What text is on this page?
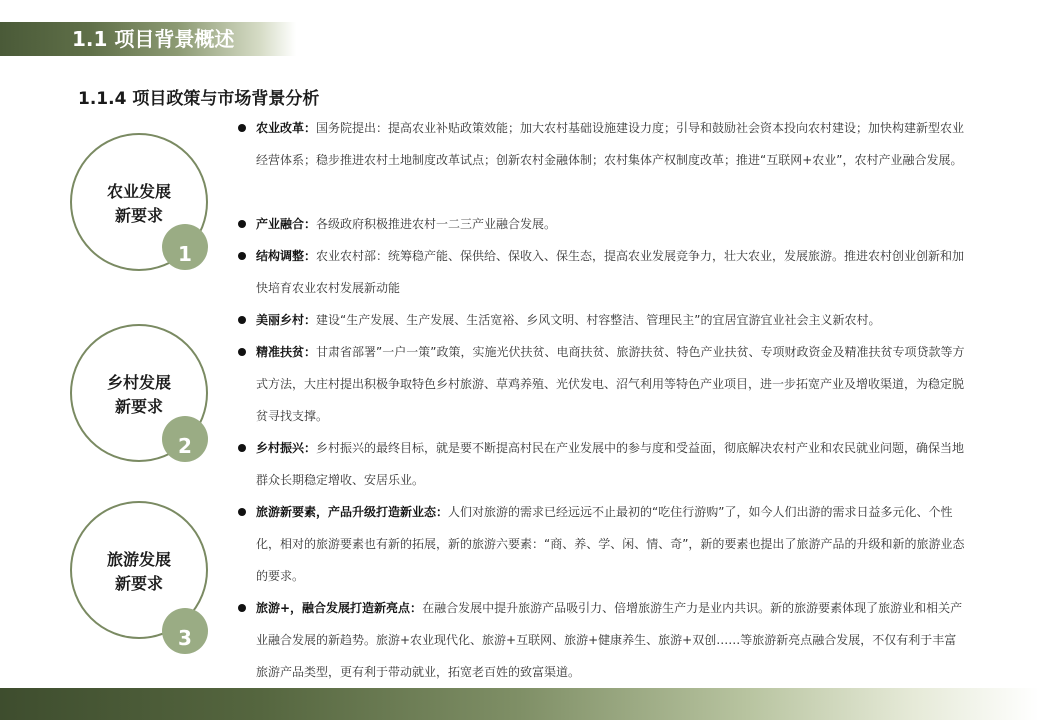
1.1 项目背景概述
1.1.4 项目政策与市场背景分析
农业发展
新要求
1
乡村发展
新要求
2
旅游发展
新要求
3
农业改革：国务院提出：提高农业补贴政策效能；加大农村基础设施建设力度；引导和鼓励社会资本投向农村建设；加快构建新型农业经营体系；稳步推进农村土地制度改革试点；创新农村金融体制；农村集体产权制度改革；推进“互联网+农业”，农村产业融合发展。
产业融合：各级政府积极推进农村一二三产业融合发展。
结构调整：农业农村部：统筹稳产能、保供给、保收入、保生态，提高农业发展竞争力，壮大农业，发展旅游。推进农村创业创新和加快培育农业农村发展新动能
美丽乡村：建设“生产发展、生产发展、生活宽裕、乡风文明、村容整洁、管理民主”的宜居宜游宜业社会主义新农村。
精准扶贫：甘肃省部署”一户一策”政策，实施光伏扶贫、电商扶贫、旅游扶贫、特色产业扶贫、专项财政资金及精准扶贫专项贷款等方式方法，大庄村提出积极争取特色乡村旅游、草鸡养殖、光伏发电、沼气利用等特色产业项目，进一步拓宽产业及增收渠道，为稳定脱贫寻找支撑。
乡村振兴：乡村振兴的最终目标，就是要不断提高村民在产业发展中的参与度和受益面，彻底解决农村产业和农民就业问题，确保当地群众长期稳定增收、安居乐业。
旅游新要素，产品升级打造新业态：人们对旅游的需求已经远远不止最初的“吃住行游购”了，如今人们出游的需求日益多元化、个性化，相对的旅游要素也有新的拓展，新的旅游六要素：“商、养、学、闲、情、奇”，新的要素也提出了旅游产品的升级和新的旅游业态的要求。
旅游+，融合发展打造新亮点：在融合发展中提升旅游产品吸引力、倍增旅游生产力是业内共识。新的旅游要素体现了旅游业和相关产业融合发展的新趋势。旅游+农业现代化、旅游+互联网、旅游+健康养生、旅游+双创……等旅游新亮点融合发展，不仅有利于丰富旅游产品类型，更有利于带动就业，拓宽老百姓的致富渠道。
